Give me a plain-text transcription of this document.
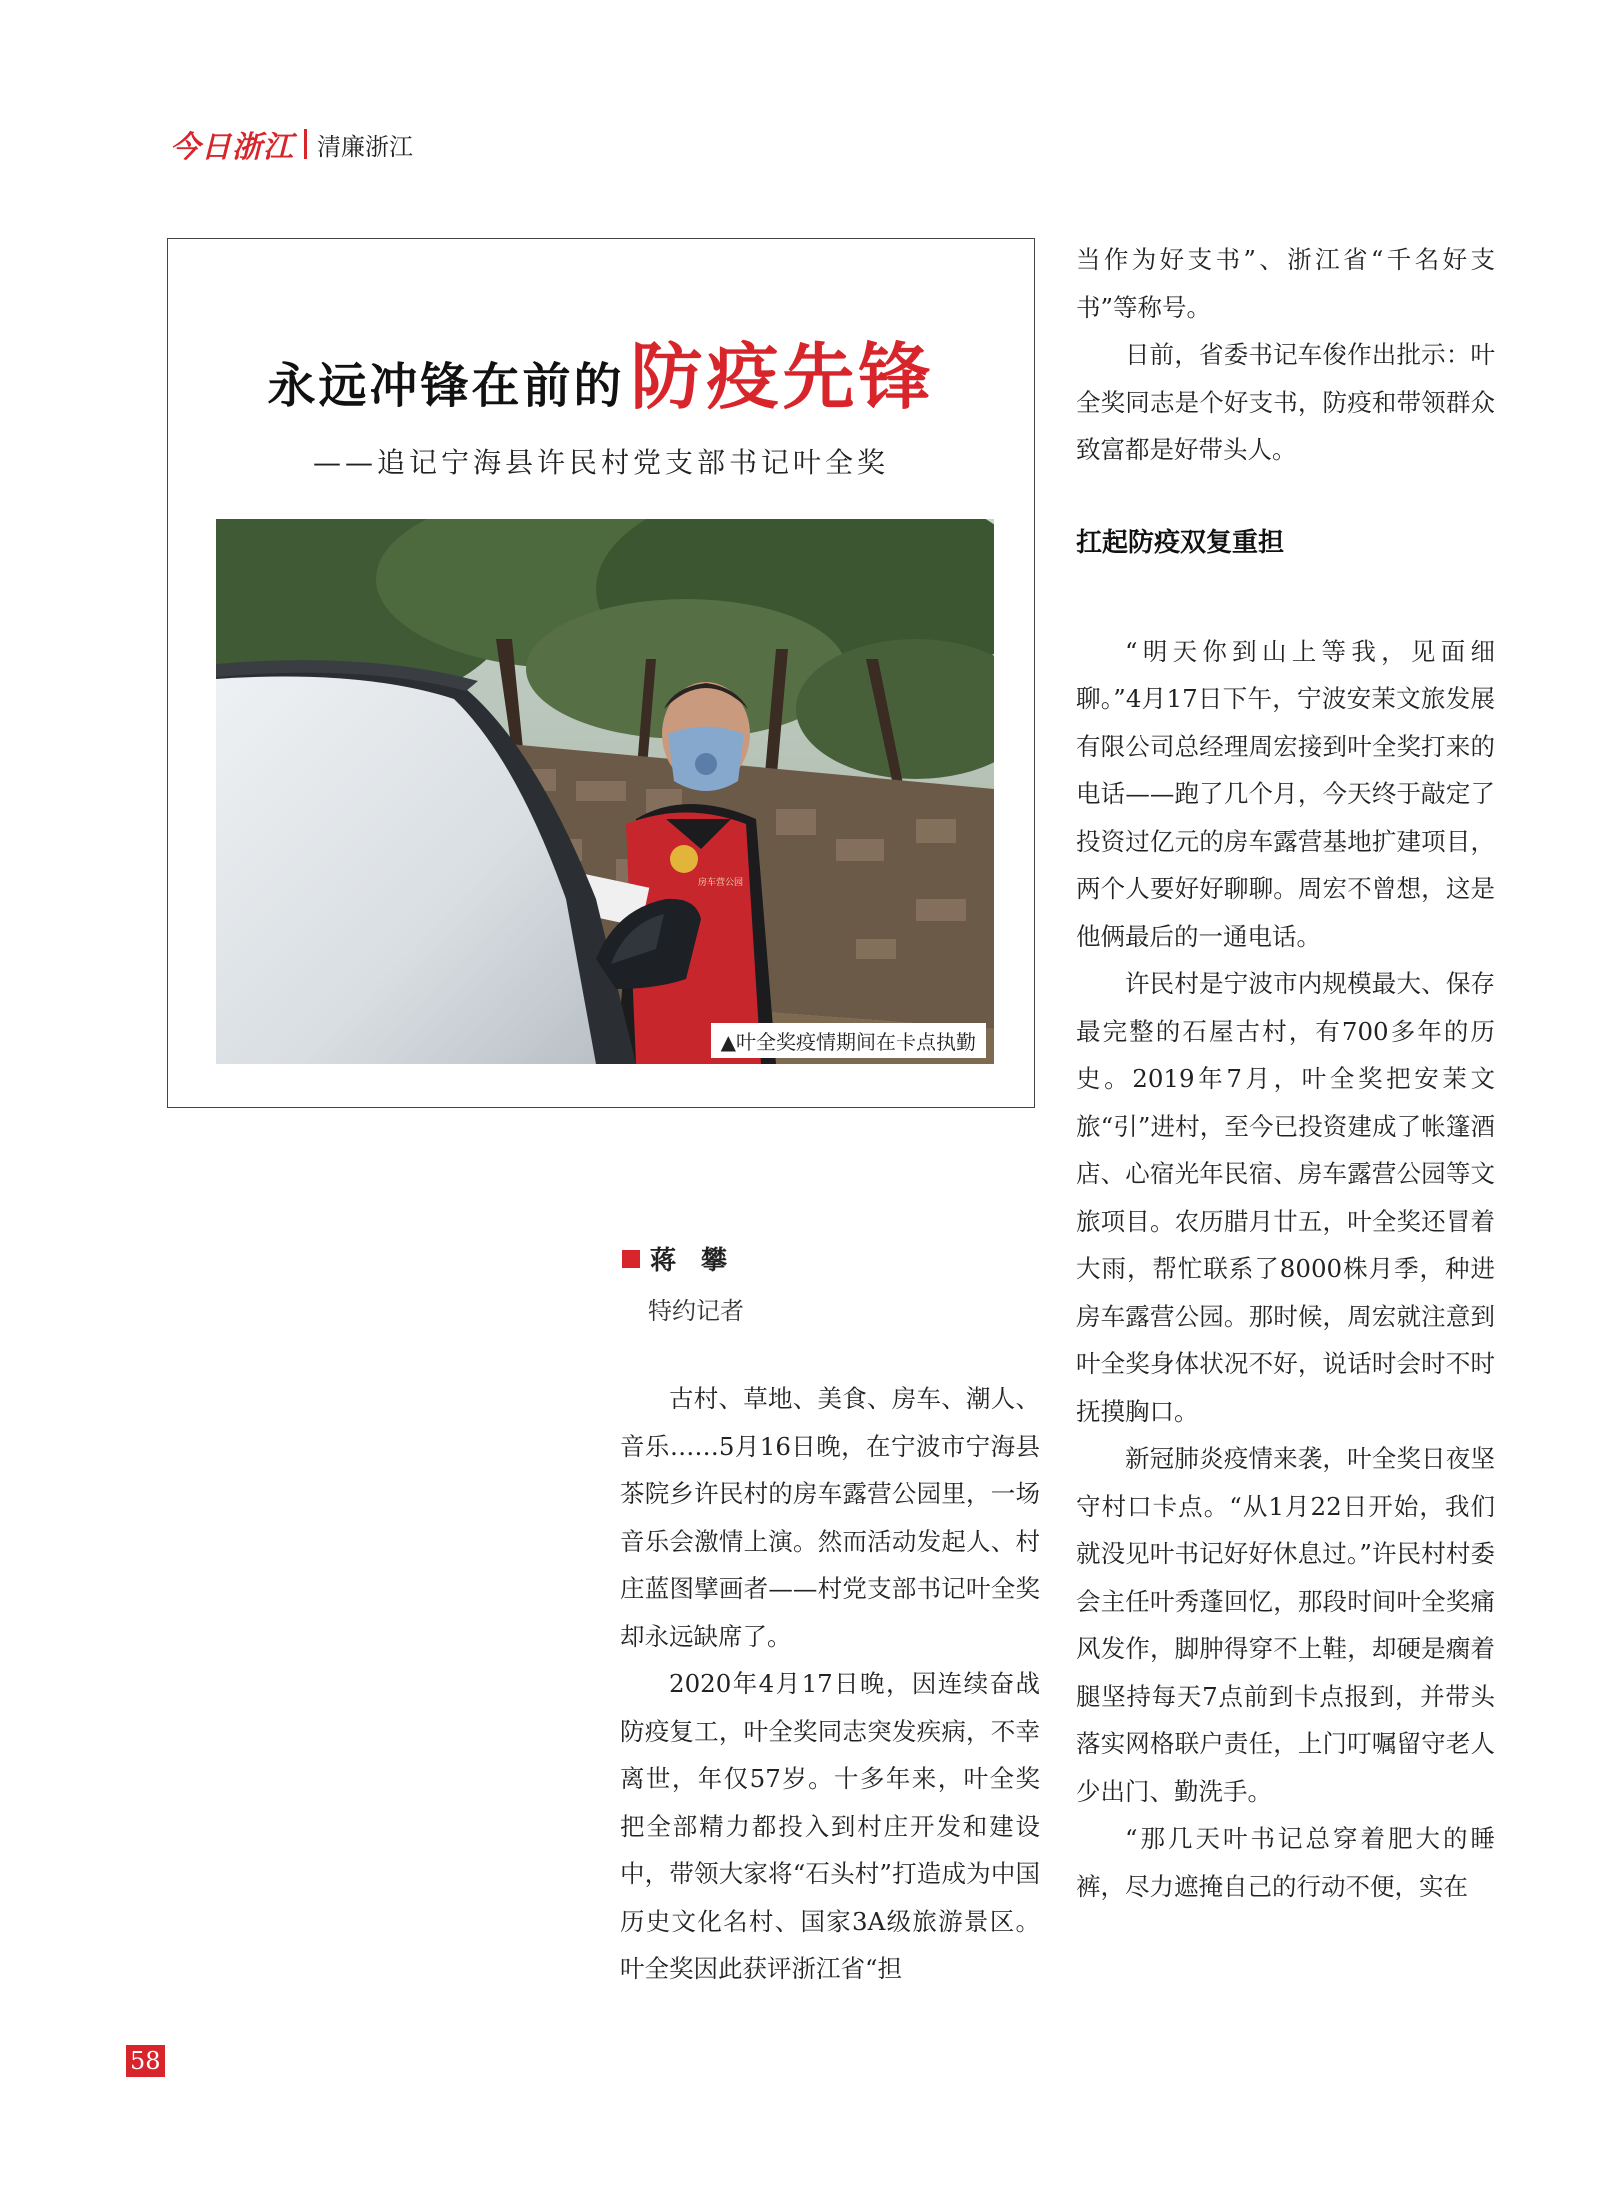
今日浙江 清廉浙江
永远冲锋在前的防疫先锋
——追记宁海县许民村党支部书记叶全奖
房车营公园
▲叶全奖疫情期间在卡点执勤
蒋 攀
特约记者

古村、草地、美食、房车、潮人、音乐……5月16日晚，在宁波市宁海县茶院乡许民村的房车露营公园里，一场音乐会激情上演。然而活动发起人、村庄蓝图擘画者——村党支部书记叶全奖却永远缺席了。

2020年4月17日晚，因连续奋战防疫复工，叶全奖同志突发疾病，不幸离世，年仅57岁。十多年来，叶全奖把全部精力都投入到村庄开发和建设中，带领大家将“石头村”打造成为中国历史文化名村、国家3A级旅游景区。叶全奖因此获评浙江省“担

当作为好支书”、浙江省“千名好支书”等称号。

日前，省委书记车俊作出批示：叶全奖同志是个好支书，防疫和带领群众致富都是好带头人。

扛起防疫双复重担

“明天你到山上等我，见面细聊。”4月17日下午，宁波安茉文旅发展有限公司总经理周宏接到叶全奖打来的电话——跑了几个月，今天终于敲定了投资过亿元的房车露营基地扩建项目，两个人要好好聊聊。周宏不曾想，这是他俩最后的一通电话。

许民村是宁波市内规模最大、保存最完整的石屋古村，有700多年的历史。2019年7月，叶全奖把安茉文旅“引”进村，至今已投资建成了帐篷酒店、心宿光年民宿、房车露营公园等文旅项目。农历腊月廿五，叶全奖还冒着大雨，帮忙联系了8000株月季，种进房车露营公园。那时候，周宏就注意到叶全奖身体状况不好，说话时会时不时抚摸胸口。

新冠肺炎疫情来袭，叶全奖日夜坚守村口卡点。“从1月22日开始，我们就没见叶书记好好休息过。”许民村村委会主任叶秀蓬回忆，那段时间叶全奖痛风发作，脚肿得穿不上鞋，却硬是瘸着腿坚持每天7点前到卡点报到，并带头落实网格联户责任，上门叮嘱留守老人少出门、勤洗手。

“那几天叶书记总穿着肥大的睡裤，尽力遮掩自己的行动不便，实在

58
